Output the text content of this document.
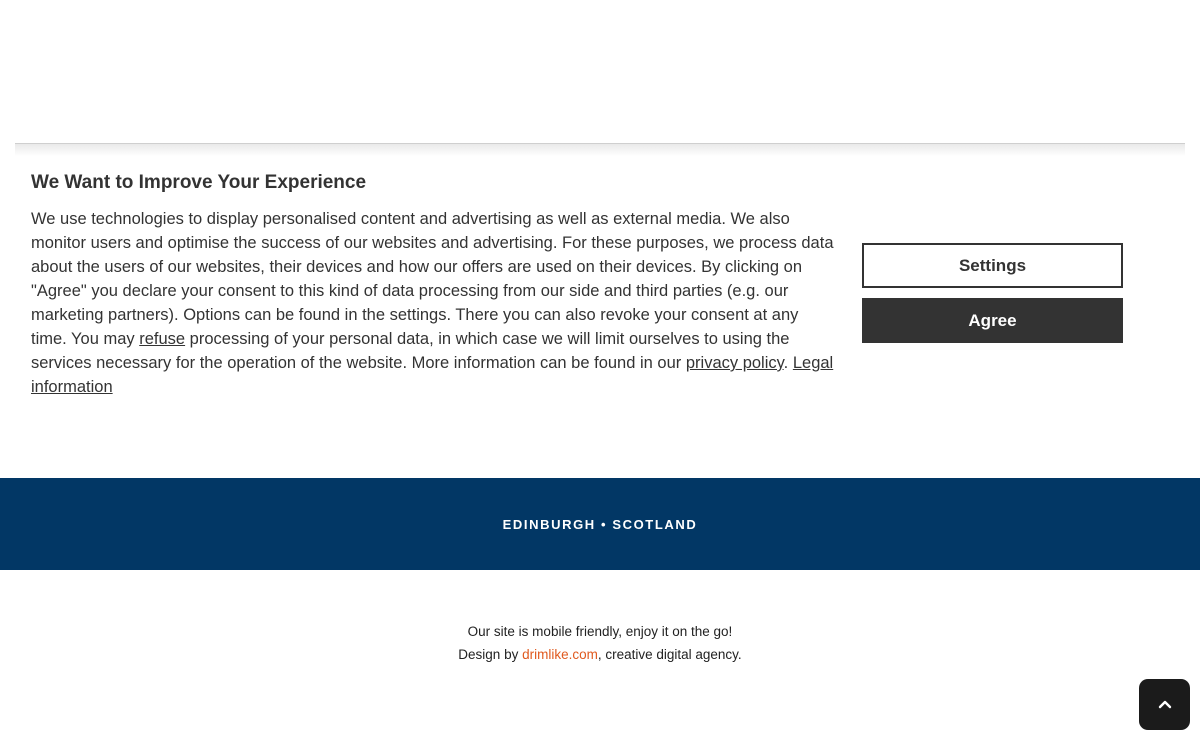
We Want to Improve Your Experience

We use technologies to display personalised content and advertising as well as external media. We also monitor users and optimise the success of our websites and advertising. For these purposes, we process data about the users of our websites, their devices and how our offers are used on their devices. By clicking on "Agree" you declare your consent to this kind of data processing from our side and third parties (e.g. our marketing partners). Options can be found in the settings. There you can also revoke your consent at any time. You may refuse processing of your personal data, in which case we will limit ourselves to using the services necessary for the operation of the website. More information can be found in our privacy policy. Legal information

Settings
Agree
EDINBURGH • SCOTLAND
Our site is mobile friendly, enjoy it on the go!
Design by drimlike.com, creative digital agency.
